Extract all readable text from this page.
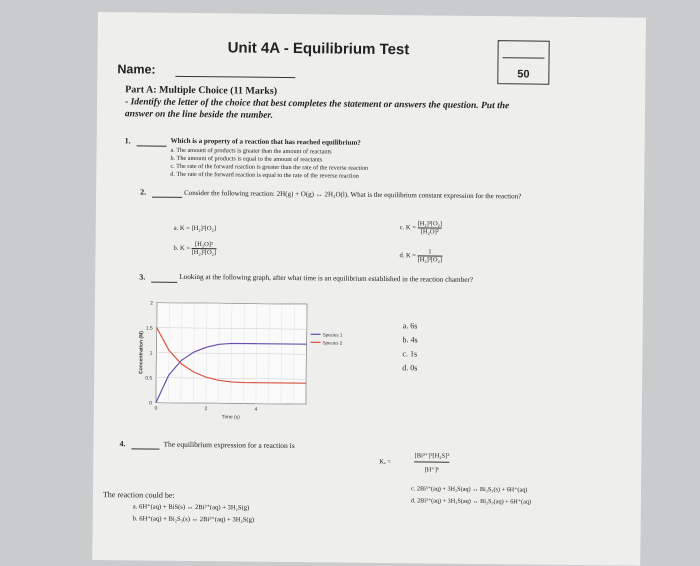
Unit 4A - Equilibrium Test
Name:	50
Part A: Multiple Choice (11 Marks)
- Identify the letter of the choice that best completes the statement or answers the question. Put the answer on the line beside the number.
1.	Which is a property of a reaction that has reached equilibrium?
a. The amount of products is greater than the amount of reactants
b. The amount of products is equal to the amount of reactants
c. The rate of the forward reaction is greater than the rate of the reverse reaction
d. The rate of the forward reaction is equal to the rate of the reverse reaction
2.	Consider the following reaction: 2H(g) + O(g) ↔ 2H₂O(l). What is the equilibrium constant expression for the reaction?
a. K = [H₂]²[O₂]
b. $K = \frac{\text{[H₂O]²}}{\text{[H₂]²[O₂]}}$
c. $K = \frac{\text{[H₂]²[O₂]}}{\text{[H₂O]²}}$
d. $K = \frac{1}{\text{[H₂]²[O₂]}}$
3.	Looking at the following graph, after what time is an equilibrium established in the reaction chamber?
0
0.5
1
1.5
2
0	2	4
Time (s)
Concentration (M)	Species 1
Species 2
a. 6s
b. 4s
c. 1s
d. 0s
4.	The equilibrium expression for a reaction is
Kₑ =	$\frac{\text{[Bi³⁺]²[H₂S]³}}{\text{[H⁺]⁶}}$
The reaction could be:
a. 6H⁺(aq) + BiS(s) ↔ 2Bi³⁺(aq) + 3H₂S(g)
b. 6H⁺(aq) + Bi₂S₃(s) ↔ 2Bi³⁺(aq) + 3H₂S(g)
c. 2Bi³⁺(aq) + 3H₂S(aq) ↔ Bi₂S₃(s) + 6H⁺(aq)
d. 2Bi³⁺(aq) + 3H₂S(aq) ↔ Bi₂S₃(aq) + 6H⁺(aq)
